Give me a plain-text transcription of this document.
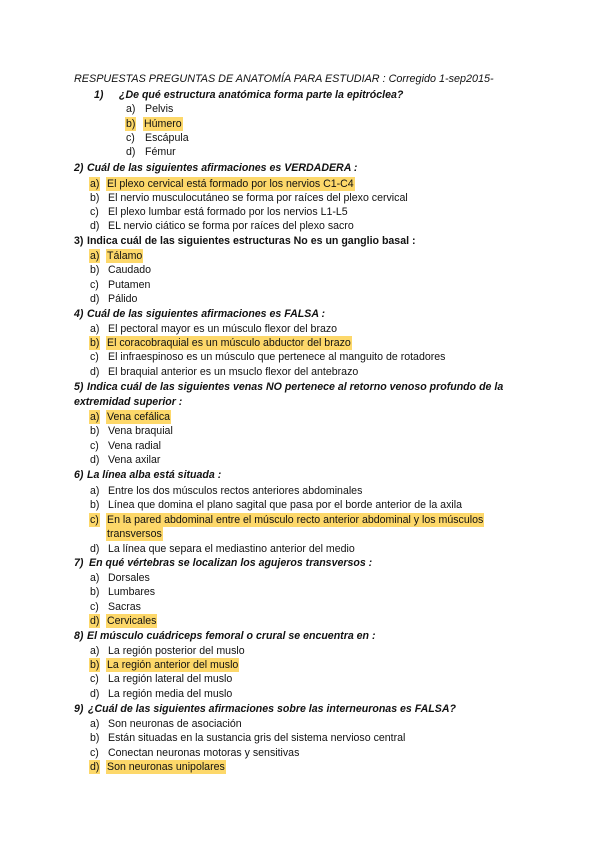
RESPUESTAS PREGUNTAS DE ANATOMÍA PARA ESTUDIAR : Corregido 1-sep2015-
1) ¿De qué estructura anatómica forma parte la epitróclea?
a) Pelvis
b) Húmero
c) Escápula
d) Fémur
2) Cuál de las siguientes afirmaciones es VERDADERA :
a) El plexo cervical está formado por los nervios C1-C4
b) El nervio musculocutáneo se forma por raíces del plexo cervical
c) El plexo lumbar está formado por los nervios L1-L5
d) EL nervio ciático se forma por raíces del plexo sacro
3) Indica cuál de las siguientes estructuras No es un ganglio basal :
a) Tálamo
b) Caudado
c) Putamen
d) Pálido
4) Cuál de las siguientes afirmaciones es FALSA :
a) El pectoral mayor es un músculo flexor del brazo
b) El coracobraquial es un músculo abductor del brazo
c) El infraespinoso es un músculo que pertenece al manguito de rotadores
d) El braquial anterior es un msuclo flexor del antebrazo
5) Indica cuál de las siguientes venas NO pertenece al retorno venoso profundo de la
extremidad superior :
a) Vena cefálica
b) Vena braquial
c) Vena radial
d) Vena axilar
6) La línea alba está situada :
a) Entre los dos músculos rectos anteriores abdominales
b) Línea que domina el plano sagital que pasa por el borde anterior de la axila
c) En la pared abdominal entre el músculo recto anterior abdominal y los músculos
transversos
d) La línea que separa el mediastino anterior del medio
7) En qué vértebras se localizan los agujeros transversos :
a) Dorsales
b) Lumbares
c) Sacras
d) Cervicales
8) El músculo cuádriceps femoral o crural se encuentra en :
a) La región posterior del muslo
b) La región anterior del muslo
c) La región lateral del muslo
d) La región media del muslo
9) ¿Cuál de las siguientes afirmaciones sobre las interneuronas es FALSA?
a) Son neuronas de asociación
b) Están situadas en la sustancia gris del sistema nervioso central
c) Conectan neuronas motoras y sensitivas
d) Son neuronas unipolares
